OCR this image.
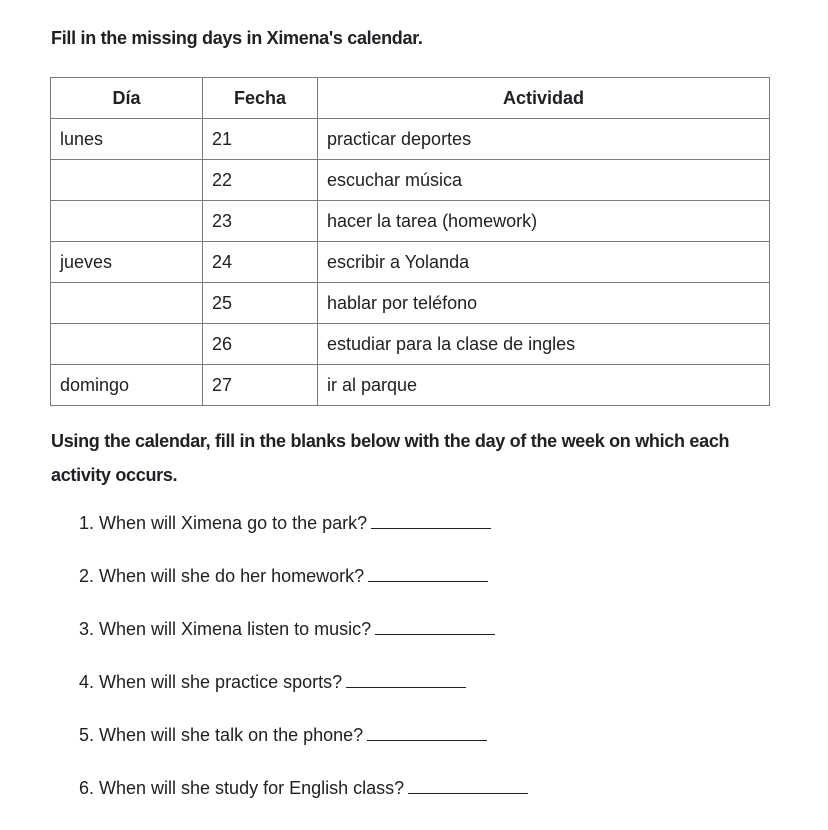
Fill in the missing days in Ximena's calendar.
Día	Fecha	Actividad
lunes	21	practicar deportes
	22	escuchar música
	23	hacer la tarea (homework)
jueves	24	escribir a Yolanda
	25	hablar por teléfono
	26	estudiar para la clase de ingles
domingo	27	ir al parque
Using the calendar, fill in the blanks below with the day of the week on which each activity occurs.
1. When will Ximena go to the park?
2. When will she do her homework?
3. When will Ximena listen to music?
4. When will she practice sports?
5. When will she talk on the phone?
6. When will she study for English class?
